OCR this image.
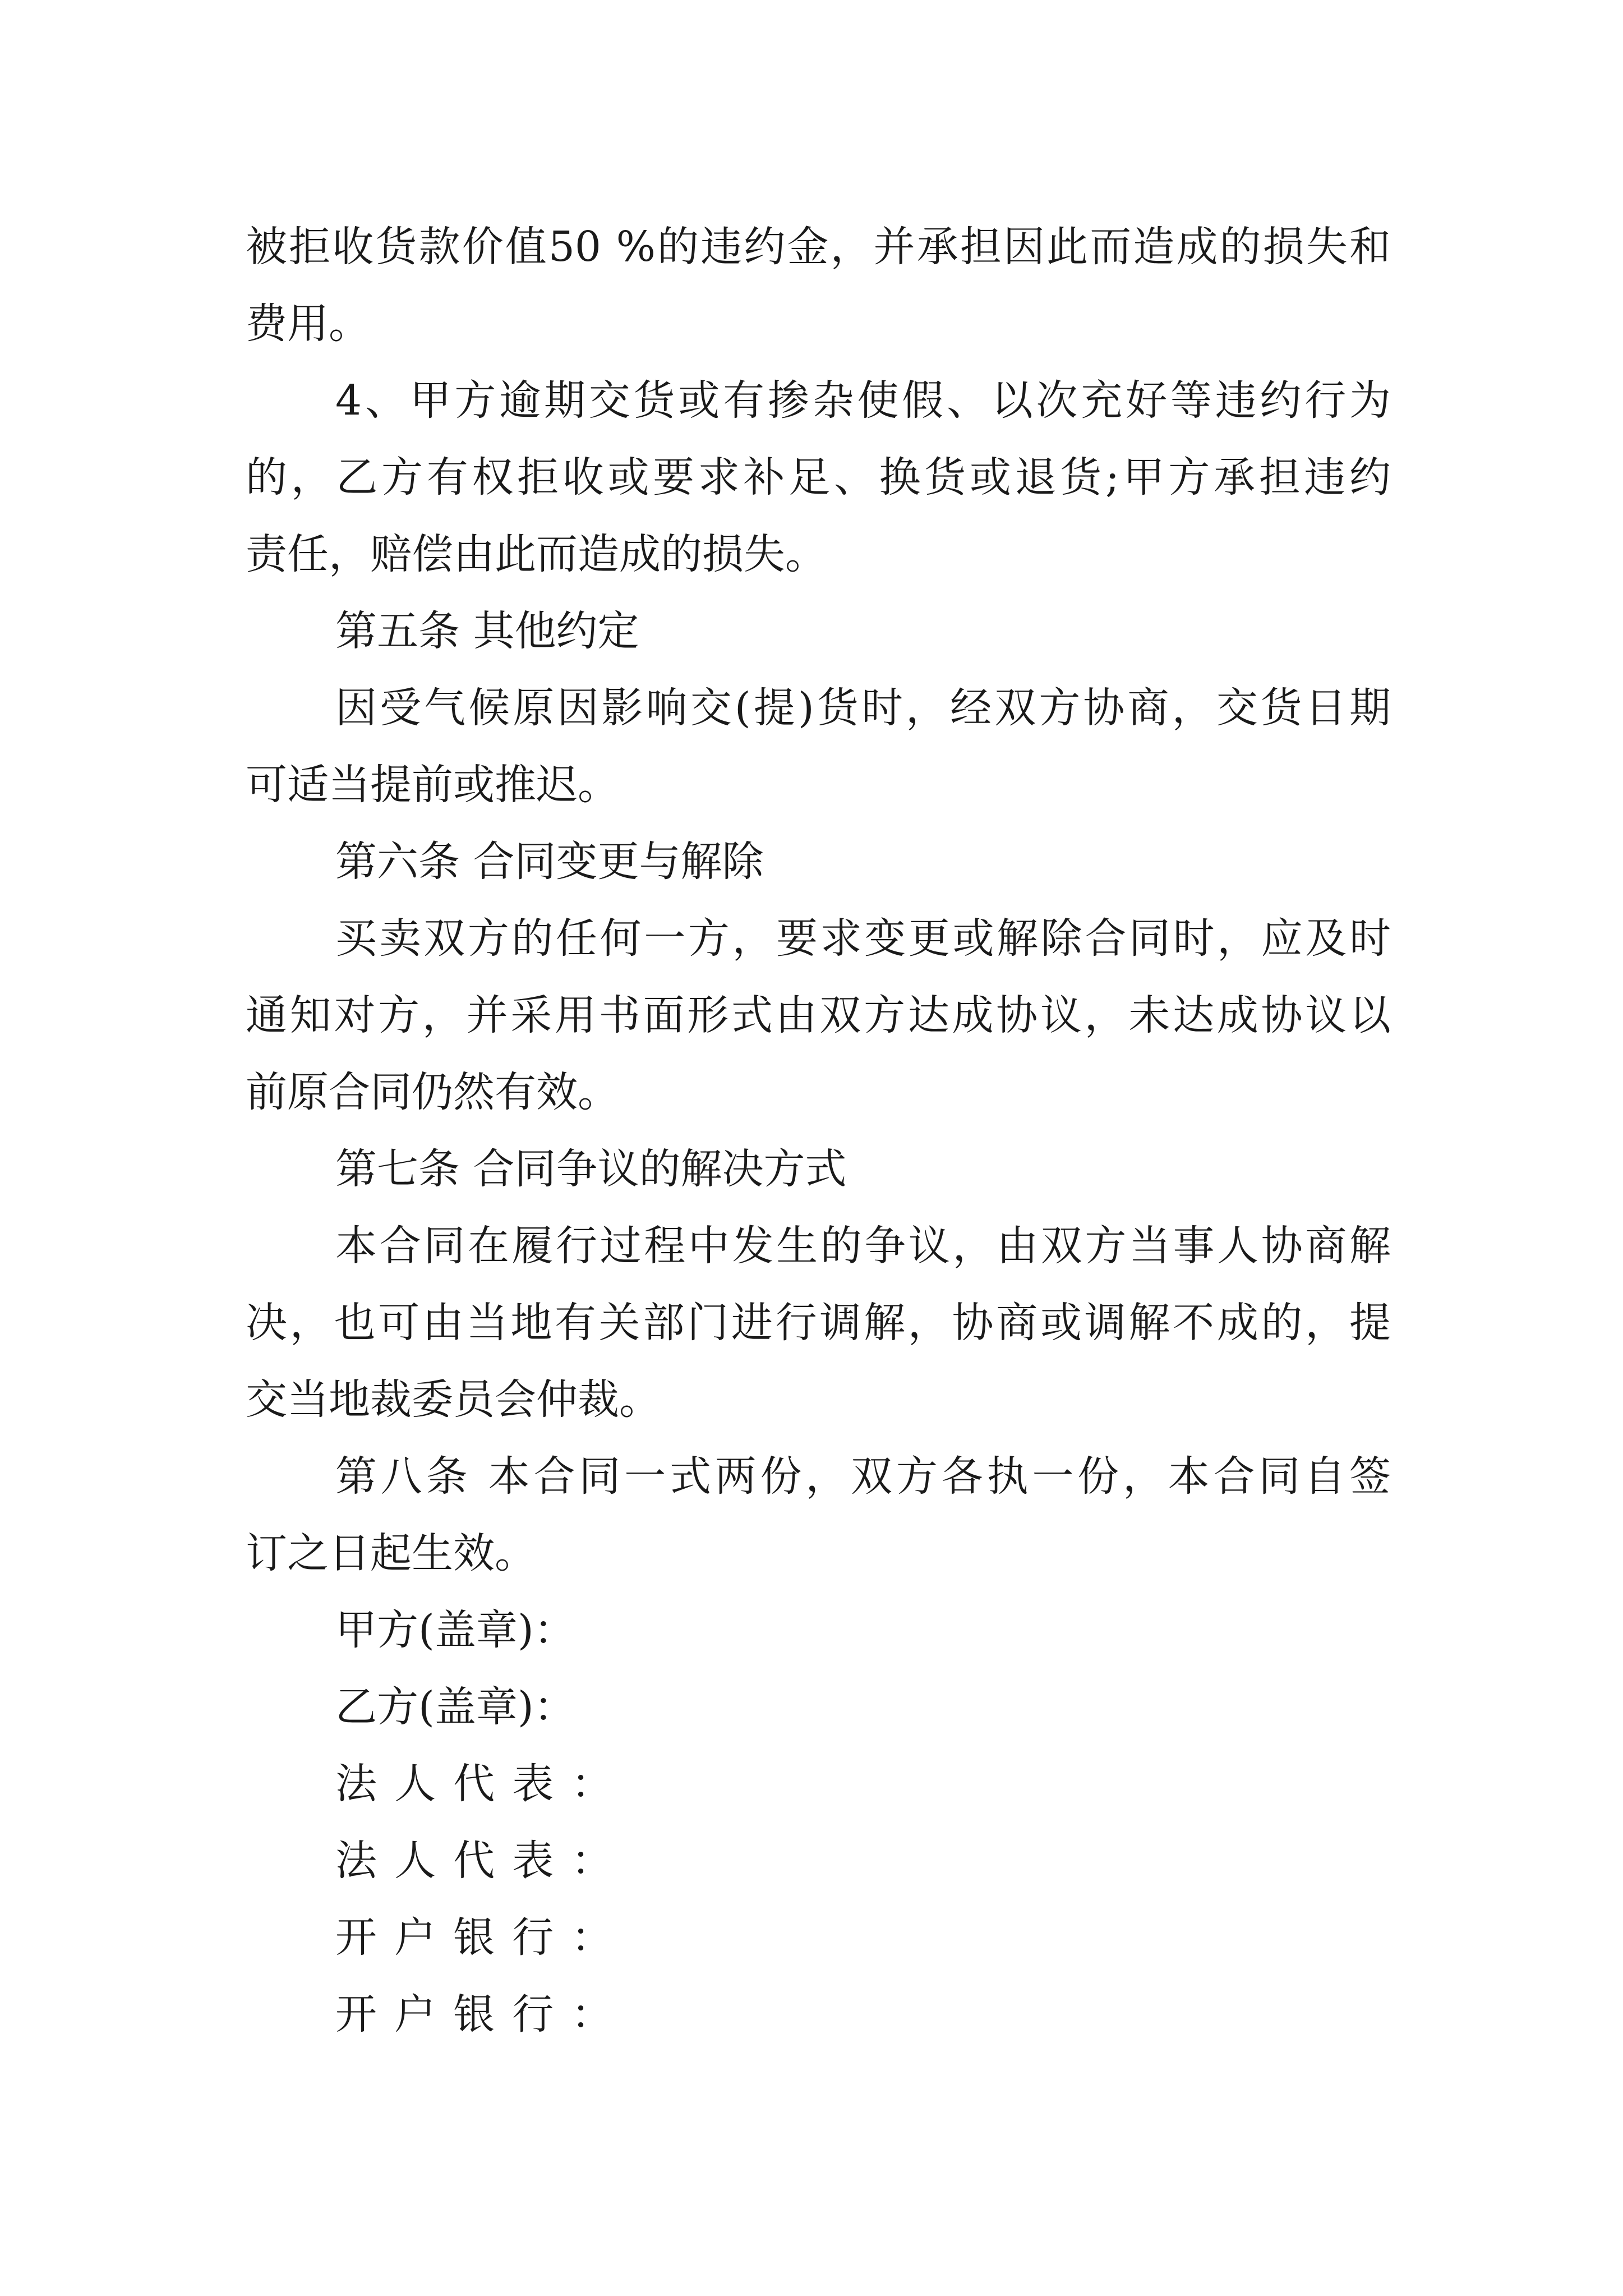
被拒收货款价值50 %的违约金，并承担因此而造成的损失和
费用。
4、甲方逾期交货或有掺杂使假、以次充好等违约行为
的，乙方有权拒收或要求补足、换货或退货;甲方承担违约
责任，赔偿由此而造成的损失。
第五条 其他约定
因受气候原因影响交(提)货时，经双方协商，交货日期
可适当提前或推迟。
第六条 合同变更与解除
买卖双方的任何一方，要求变更或解除合同时，应及时
通知对方，并采用书面形式由双方达成协议，未达成协议以
前原合同仍然有效。
第七条 合同争议的解决方式
本合同在履行过程中发生的争议，由双方当事人协商解
决，也可由当地有关部门进行调解，协商或调解不成的，提
交当地裁委员会仲裁。
第八条 本合同一式两份，双方各执一份，本合同自签
订之日起生效。
甲方(盖章)：
乙方(盖章)：
法人代表：
法人代表：
开户银行：
开户银行：
